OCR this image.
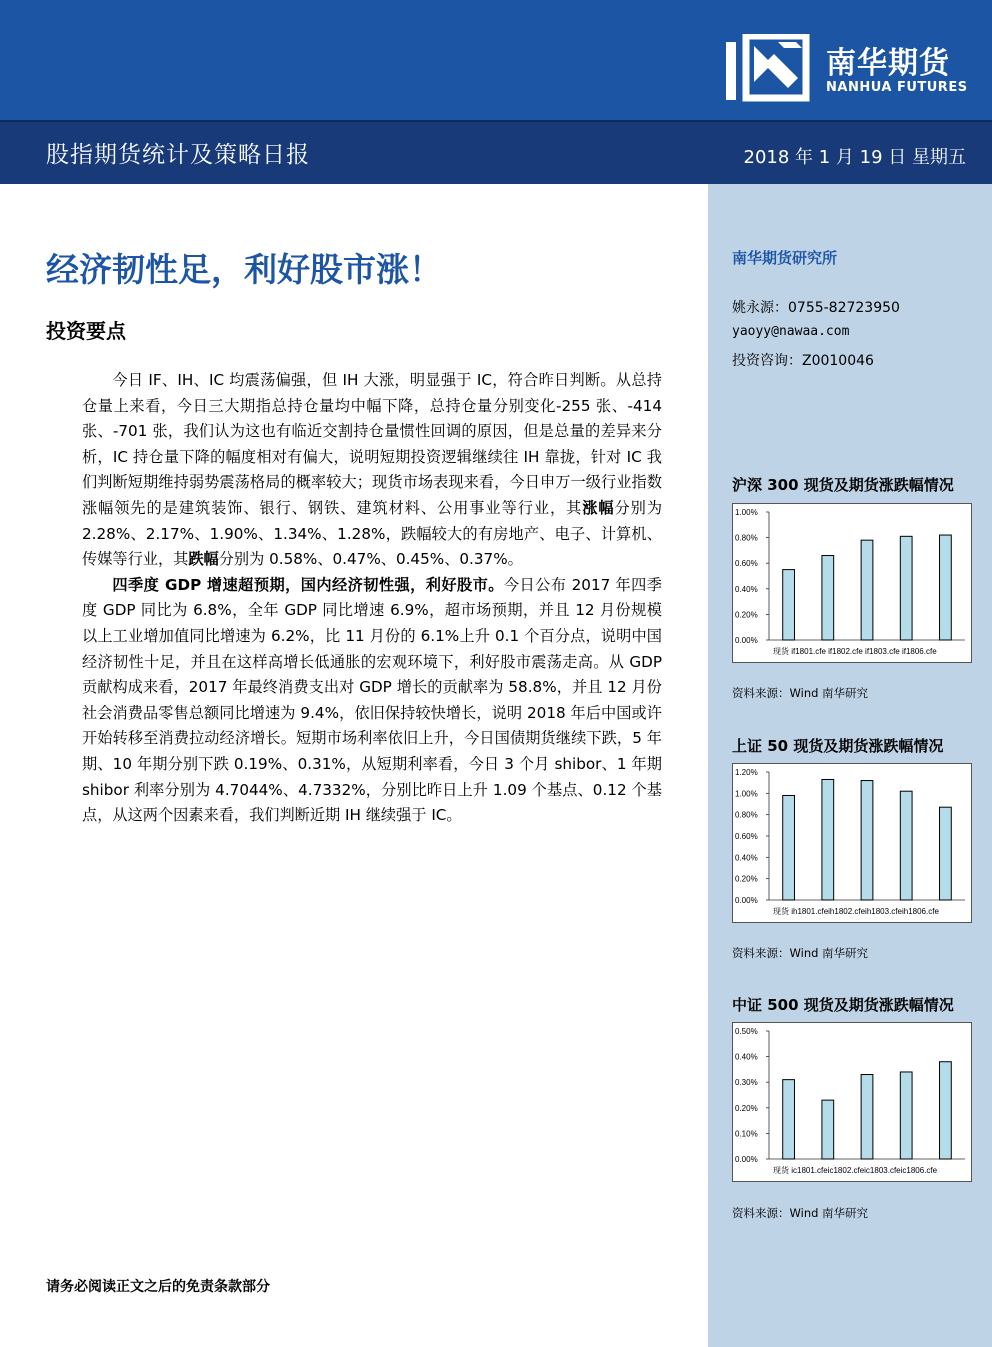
南华期货
NANHUA FUTURES
股指期货统计及策略日报	2018 年 1 月 19 日 星期五
经济韧性足，利好股市涨！
投资要点

今日 IF、IH、IC 均震荡偏强，但 IH 大涨，明显强于 IC，符合昨日判断。从总持仓量上来看，今日三大期指总持仓量均中幅下降，总持仓量分别变化-255 张、-414 张、-701 张，我们认为这也有临近交割持仓量惯性回调的原因，但是总量的差异来分析，IC 持仓量下降的幅度相对有偏大，说明短期投资逻辑继续往 IH 靠拢，针对 IC 我们判断短期维持弱势震荡格局的概率较大；现货市场表现来看，今日申万一级行业指数涨幅领先的是建筑装饰、银行、钢铁、建筑材料、公用事业等行业，其涨幅分别为 2.28%、2.17%、1.90%、1.34%、1.28%，跌幅较大的有房地产、电子、计算机、传媒等行业，其跌幅分别为 0.58%、0.47%、0.45%、0.37%。

四季度 GDP 增速超预期，国内经济韧性强，利好股市。今日公布 2017 年四季度 GDP 同比为 6.8%，全年 GDP 同比增速 6.9%，超市场预期，并且 12 月份规模以上工业增加值同比增速为 6.2%，比 11 月份的 6.1%上升 0.1 个百分点，说明中国经济韧性十足，并且在这样高增长低通胀的宏观环境下，利好股市震荡走高。从 GDP 贡献构成来看，2017 年最终消费支出对 GDP 增长的贡献率为 58.8%，并且 12 月份社会消费品零售总额同比增速为 9.4%，依旧保持较快增长，说明 2018 年后中国或许开始转移至消费拉动经济增长。短期市场利率依旧上升，今日国债期货继续下跌，5 年期、10 年期分别下跌 0.19%、0.31%，从短期利率看，今日 3 个月 shibor、1 年期 shibor 利率分别为 4.7044%、4.7332%，分别比昨日上升 1.09 个基点、0.12 个基点，从这两个因素来看，我们判断近期 IH 继续强于 IC。

请务必阅读正文之后的免责条款部分
南华期货研究所
姚永源：0755-82723950
yaoyy@nawaa.com
投资咨询：Z0010046
沪深 300 现货及期货涨跌幅情况
0.00%
0.20%
0.40%
0.60%
0.80%
1.00%
现货 if1801.cfe if1802.cfe if1803.cfe if1806.cfe
资料来源：Wind 南华研究
上证 50 现货及期货涨跌幅情况
0.00%
0.20%
0.40%
0.60%
0.80%
1.00%
1.20%
现货 ih1801.cfeih1802.cfeih1803.cfeih1806.cfe
资料来源：Wind 南华研究
中证 500 现货及期货涨跌幅情况
0.00%
0.10%
0.20%
0.30%
0.40%
0.50%
现货 ic1801.cfeic1802.cfeic1803.cfeic1806.cfe
资料来源：Wind 南华研究
